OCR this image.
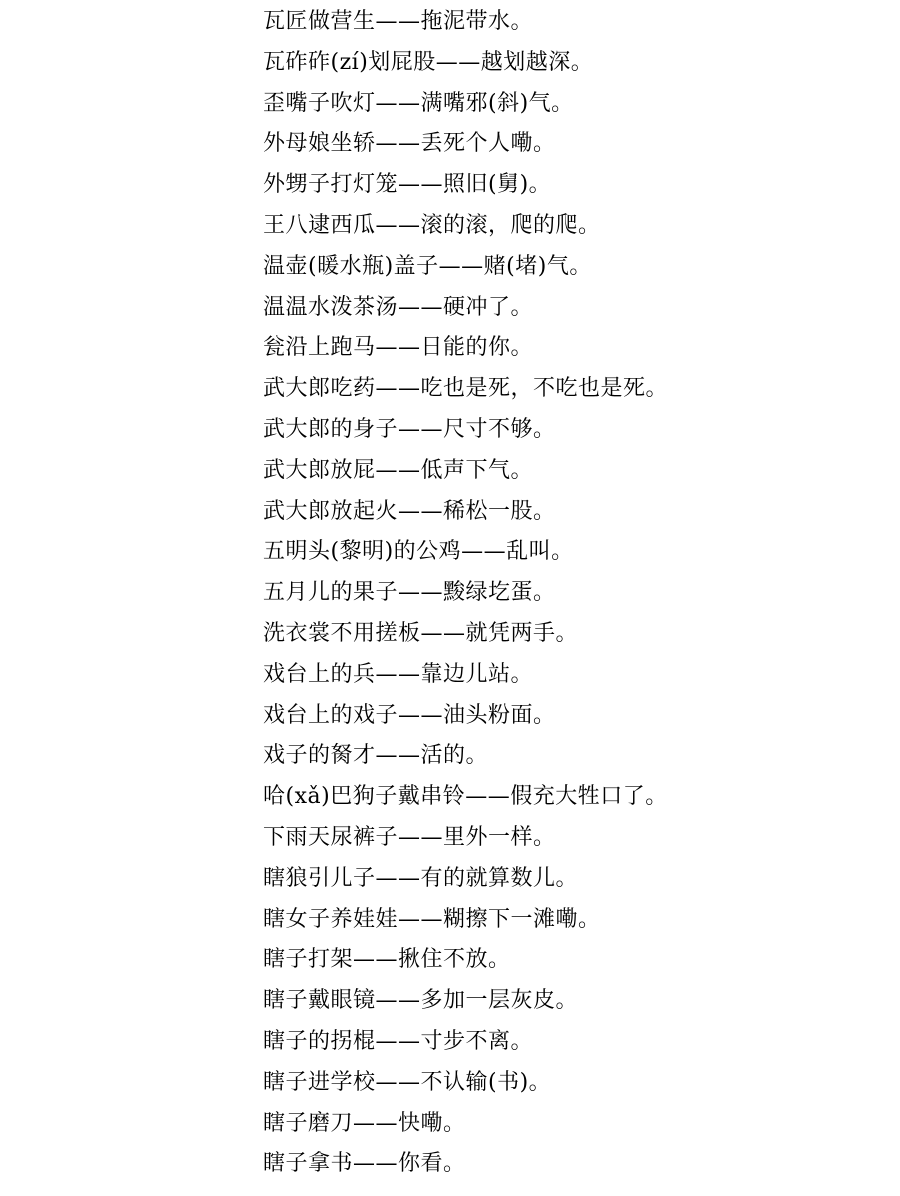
瓦匠做营生——拖泥带水。
瓦砟砟(zí)划屁股——越划越深。
歪嘴子吹灯——满嘴邪(斜)气。
外母娘坐轿——丢死个人嘞。
外甥子打灯笼——照旧(舅)。
王八逮西瓜——滚的滚，爬的爬。
温壶(暖水瓶)盖子——赌(堵)气。
温温水泼茶汤——硬冲了。
瓮沿上跑马——日能的你。
武大郎吃药——吃也是死，不吃也是死。
武大郎的身子——尺寸不够。
武大郎放屁——低声下气。
武大郎放起火——稀松一股。
五明头(黎明)的公鸡——乱叫。
五月儿的果子——黢绿圪蛋。
洗衣裳不用搓板——就凭两手。
戏台上的兵——靠边儿站。
戏台上的戏子——油头粉面。
戏子的胬才——活的。
哈(xǎ)巴狗子戴串铃——假充大牲口了。
下雨天尿裤子——里外一样。
瞎狼引儿子——有的就算数儿。
瞎女子养娃娃——糊擦下一滩嘞。
瞎子打架——揪住不放。
瞎子戴眼镜——多加一层灰皮。
瞎子的拐棍——寸步不离。
瞎子进学校——不认输(书)。
瞎子磨刀——快嘞。
瞎子拿书——你看。
